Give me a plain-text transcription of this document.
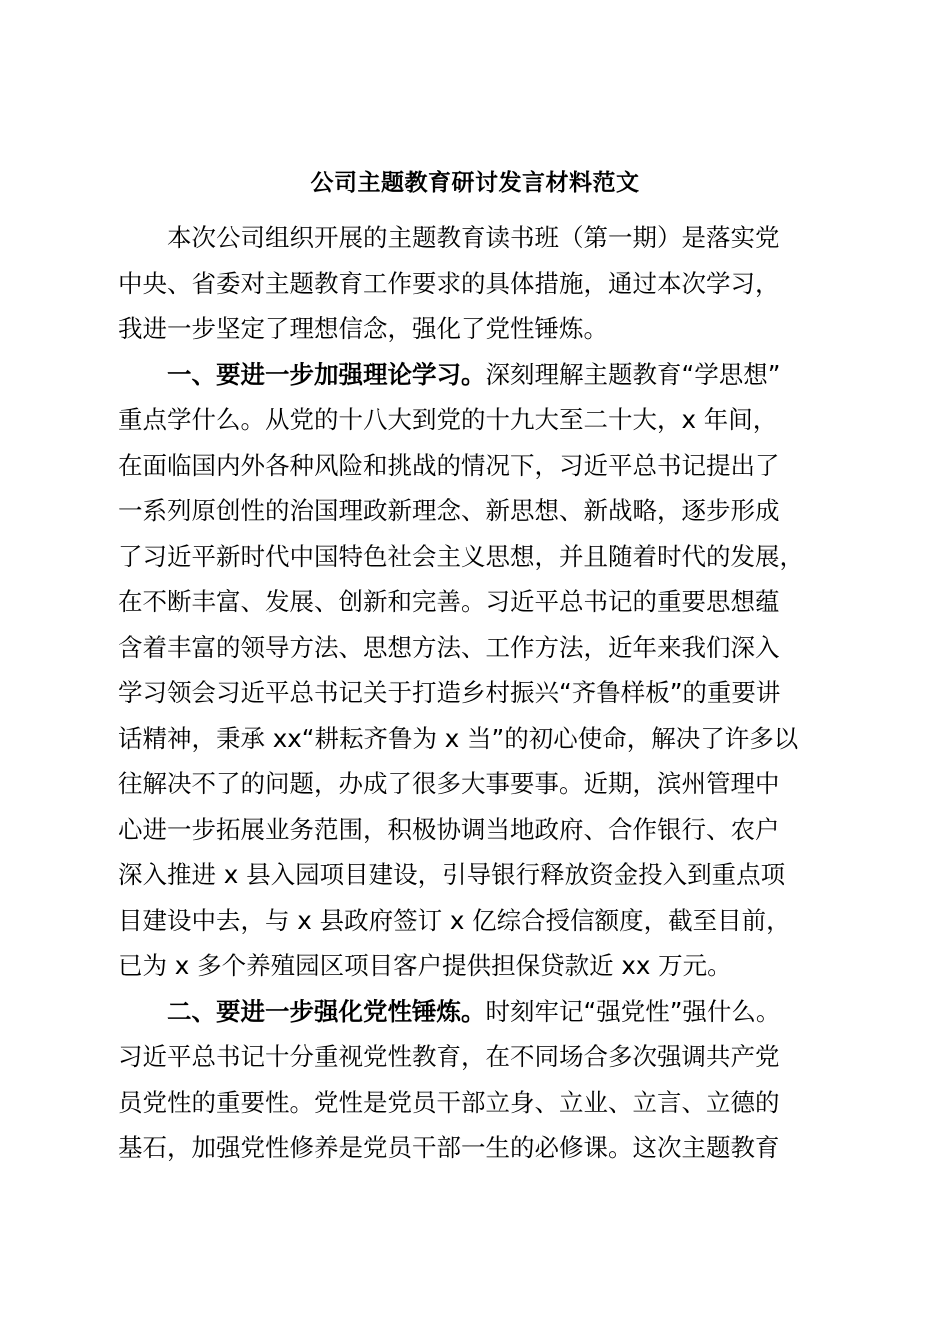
公司主题教育研讨发言材料范文
本次公司组织开展的主题教育读书班（第一期）是落实党
中央、省委对主题教育工作要求的具体措施，通过本次学习，
我进一步坚定了理想信念，强化了党性锤炼。
一、要进一步加强理论学习。深刻理解主题教育“学思想”
重点学什么。从党的十八大到党的十九大至二十大，x 年间，
在面临国内外各种风险和挑战的情况下，习近平总书记提出了
一系列原创性的治国理政新理念、新思想、新战略，逐步形成
了习近平新时代中国特色社会主义思想，并且随着时代的发展，
在不断丰富、发展、创新和完善。习近平总书记的重要思想蕴
含着丰富的领导方法、思想方法、工作方法，近年来我们深入
学习领会习近平总书记关于打造乡村振兴“齐鲁样板”的重要讲
话精神，秉承 xx“耕耘齐鲁为 x 当”的初心使命，解决了许多以
往解决不了的问题，办成了很多大事要事。近期，滨州管理中
心进一步拓展业务范围，积极协调当地政府、合作银行、农户
深入推进 x 县入园项目建设，引导银行释放资金投入到重点项
目建设中去，与 x 县政府签订 x 亿综合授信额度，截至目前，
已为 x 多个养殖园区项目客户提供担保贷款近 xx 万元。
二、要进一步强化党性锤炼。时刻牢记“强党性”强什么。
习近平总书记十分重视党性教育，在不同场合多次强调共产党
员党性的重要性。党性是党员干部立身、立业、立言、立德的
基石，加强党性修养是党员干部一生的必修课。这次主题教育
